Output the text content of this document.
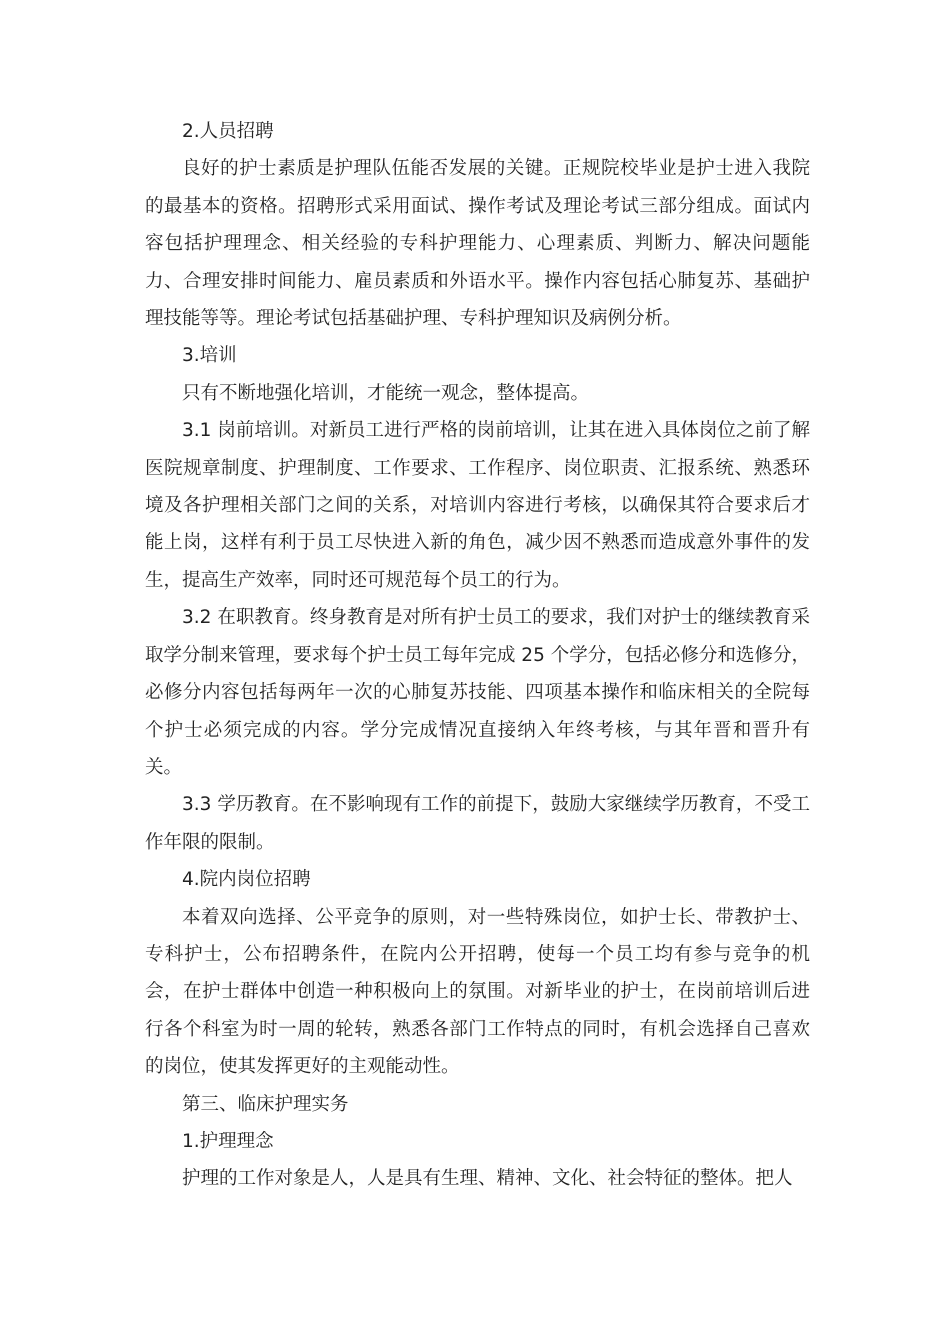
2.人员招聘

良好的护士素质是护理队伍能否发展的关键。正规院校毕业是护士进入我院的最基本的资格。招聘形式采用面试、操作考试及理论考试三部分组成。面试内容包括护理理念、相关经验的专科护理能力、心理素质、判断力、解决问题能力、合理安排时间能力、雇员素质和外语水平。操作内容包括心肺复苏、基础护理技能等等。理论考试包括基础护理、专科护理知识及病例分析。

3.培训

只有不断地强化培训，才能统一观念，整体提高。

3.1 岗前培训。对新员工进行严格的岗前培训，让其在进入具体岗位之前了解医院规章制度、护理制度、工作要求、工作程序、岗位职责、汇报系统、熟悉环境及各护理相关部门之间的关系，对培训内容进行考核，以确保其符合要求后才能上岗，这样有利于员工尽快进入新的角色，减少因不熟悉而造成意外事件的发生，提高生产效率，同时还可规范每个员工的行为。

3.2 在职教育。终身教育是对所有护士员工的要求，我们对护士的继续教育采取学分制来管理，要求每个护士员工每年完成 25 个学分，包括必修分和选修分，必修分内容包括每两年一次的心肺复苏技能、四项基本操作和临床相关的全院每个护士必须完成的内容。学分完成情况直接纳入年终考核，与其年晋和晋升有关。

3.3 学历教育。在不影响现有工作的前提下，鼓励大家继续学历教育，不受工作年限的限制。

4.院内岗位招聘

本着双向选择、公平竞争的原则，对一些特殊岗位，如护士长、带教护士、专科护士，公布招聘条件，在院内公开招聘，使每一个员工均有参与竞争的机会，在护士群体中创造一种积极向上的氛围。对新毕业的护士，在岗前培训后进行各个科室为时一周的轮转，熟悉各部门工作特点的同时，有机会选择自己喜欢的岗位，使其发挥更好的主观能动性。

第三、临床护理实务

1.护理理念

护理的工作对象是人，人是具有生理、精神、文化、社会特征的整体。把人
